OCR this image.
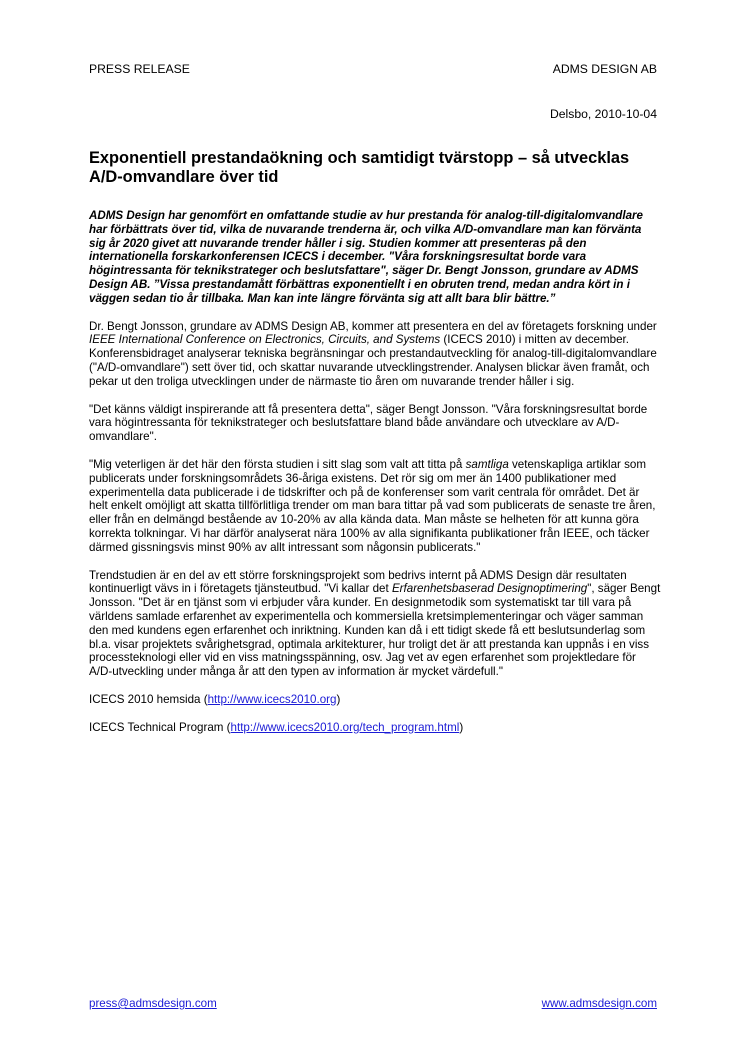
PRESS RELEASE	ADMS DESIGN AB
Delsbo, 2010-10-04
Exponentiell prestandaökning och samtidigt tvärstopp – så utvecklas A/D-omvandlare över tid

ADMS Design har genomfört en omfattande studie av hur prestanda för analog-till-digitalomvandlare har förbättrats över tid, vilka de nuvarande trenderna är, och vilka A/D-omvandlare man kan förvänta sig år 2020 givet att nuvarande trender håller i sig. Studien kommer att presenteras på den internationella forskarkonferensen ICECS i december. "Våra forskningsresultat borde vara högintressanta för teknikstrateger och beslutsfattare", säger Dr. Bengt Jonsson, grundare av ADMS Design AB. ”Vissa prestandamått förbättras exponentiellt i en obruten trend, medan andra kört in i väggen sedan tio år tillbaka. Man kan inte längre förvänta sig att allt bara blir bättre.”

Dr. Bengt Jonsson, grundare av ADMS Design AB, kommer att presentera en del av företagets forskning under IEEE International Conference on Electronics, Circuits, and Systems (ICECS 2010) i mitten av december. Konferensbidraget analyserar tekniska begränsningar och prestandautveckling för analog-till-digitalomvandlare ("A/D-omvandlare") sett över tid, och skattar nuvarande utvecklingstrender. Analysen blickar även framåt, och pekar ut den troliga utvecklingen under de närmaste tio åren om nuvarande trender håller i sig.

"Det känns väldigt inspirerande att få presentera detta", säger Bengt Jonsson. "Våra forskningsresultat borde vara högintressanta för teknikstrateger och beslutsfattare bland både användare och utvecklare av A/D-omvandlare".

"Mig veterligen är det här den första studien i sitt slag som valt att titta på samtliga vetenskapliga artiklar som publicerats under forskningsområdets 36-åriga existens. Det rör sig om mer än 1400 publikationer med experimentella data publicerade i de tidskrifter och på de konferenser som varit centrala för området. Det är helt enkelt omöjligt att skatta tillförlitliga trender om man bara tittar på vad som publicerats de senaste tre åren, eller från en delmängd bestående av 10-20% av alla kända data. Man måste se helheten för att kunna göra korrekta tolkningar. Vi har därför analyserat nära 100% av alla signifikanta publikationer från IEEE, och täcker därmed gissningsvis minst 90% av allt intressant som någonsin publicerats."

Trendstudien är en del av ett större forskningsprojekt som bedrivs internt på ADMS Design där resultaten kontinuerligt vävs in i företagets tjänsteutbud. "Vi kallar det Erfarenhetsbaserad Designoptimering", säger Bengt Jonsson. "Det är en tjänst som vi erbjuder våra kunder. En designmetodik som systematiskt tar till vara på världens samlade erfarenhet av experimentella och kommersiella kretsimplementeringar och väger samman den med kundens egen erfarenhet och inriktning. Kunden kan då i ett tidigt skede få ett beslutsunderlag som bl.a. visar projektets svårighetsgrad, optimala arkitekturer, hur troligt det är att prestanda kan uppnås i en viss processteknologi eller vid en viss matningsspänning, osv. Jag vet av egen erfarenhet som projektledare för A/D-utveckling under många år att den typen av information är mycket värdefull."

ICECS 2010 hemsida (http://www.icecs2010.org)

ICECS Technical Program (http://www.icecs2010.org/tech_program.html)

press@admsdesign.com	www.admsdesign.com
